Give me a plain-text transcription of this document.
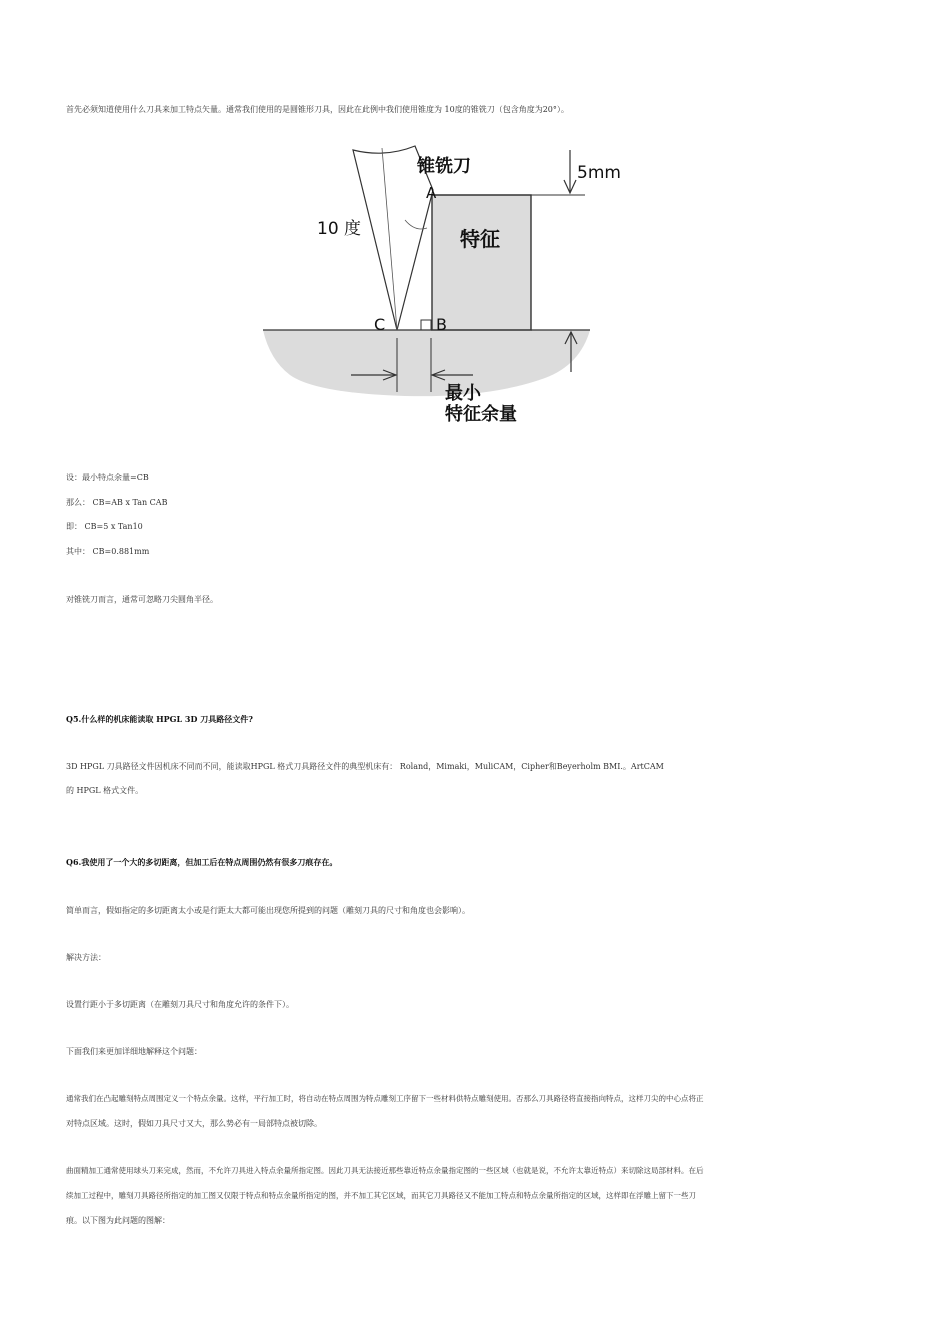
首先必须知道使用什么刀具来加工特点矢量。通常我们使用的是圆锥形刀具，因此在此例中我们使用锥度为 10度的锥铣刀（包含角度为20°）。
锥铣刀	5mm
10 度	特征
A
B
C
最小
特征余量
设：最小特点余量=CB
那么： CB=AB x Tan CAB
即： CB=5 x Tan10
其中： CB=0.881mm
对锥铣刀而言，通常可忽略刀尖圆角半径。
Q5.什么样的机床能读取 HPGL 3D 刀具路径文件?
3D HPGL 刀具路径文件因机床不同而不同，能读取HPGL 格式刀具路径文件的典型机床有： Roland，Mimaki，MuliCAM，Cipher和Beyerholm BMI.。ArtCAM
的 HPGL 格式文件。
Q6.我使用了一个大的多切距离，但加工后在特点周围仍然有很多刀痕存在。
简单而言，假如指定的多切距离太小或是行距太大都可能出现您所提到的问题（雕刻刀具的尺寸和角度也会影响）。
解决方法：
设置行距小于多切距离（在雕刻刀具尺寸和角度允许的条件下）。
下面我们来更加详细地解释这个问题：
通常我们在凸起雕刻特点周围定义一个特点余量。这样，平行加工时，将自动在特点周围为特点雕刻工序留下一些材料供特点雕刻使用。否那么刀具路径将直接指向特点，这样刀尖的中心点将正
对特点区域。这时，假如刀具尺寸又大，那么势必有一局部特点被切除。
曲面精加工通常使用球头刀来完成，然而，不允许刀具进入特点余量所指定图。因此刀具无法接近那些靠近特点余量指定图的一些区域（也就是说，不允许太靠近特点）来切除这局部材料。在后
续加工过程中，雕刻刀具路径所指定的加工图又仅限于特点和特点余量所指定的图，并不加工其它区域，而其它刀具路径又不能加工特点和特点余量所指定的区域，这样即在浮雕上留下一些刀
痕。以下图为此问题的图解：
